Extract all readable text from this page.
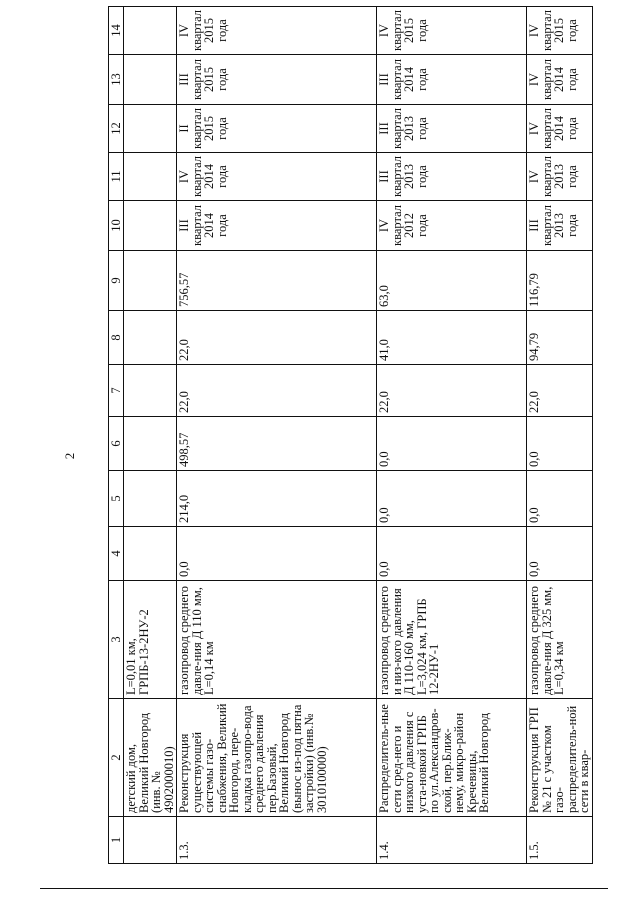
2
1	2	3	4	5	6	7	8	9	10	11	12	13	14
	детский дом, Великий Новгород (инв. № 4902000010)	L=0,01 км, ГРПБ-13-2НУ-2											
1.3.	Реконструкция существующей системы газо-снабжения, Великий Новгород, пере-кладка газопро-вода среднего давления пер.Базовый, Великий Новгород (вынос из-под пятна застройки) (инв.№ 3010100000)	газопровод среднего давле-ния Д 110 мм, L=0,14 км	0,0	214,0	498,57	22,0	22,0	756,57	III квартал 2014 года	IV квартал 2014 года	II квартал 2015 года	III квартал 2015 года	IV квартал 2015 года
1.4.	Распределитель-ные сети сред-него и низкого давления с уста-новкой ГРПБ по ул.Александров-ской, пер.Ближ-нему, микро-район Кречевицы, Великий Новгород	газопровод среднего и низ-кого давления Д 110-160 мм, L=3,024 км, ГРПБ 12-2НУ-1	0,0	0,0	0,0	22,0	41,0	63,0	IV квартал 2012 года	III квартал 2013 года	III квартал 2013 года	III квартал 2014 года	IV квартал 2015 года
1.5.	Реконструкция ГРП № 21 с участком газо-распределитель-ной сети в квар-	газопровод среднего давле-ния Д 325 мм, L=0,34 км	0,0	0,0	0,0	22,0	94,79	116,79	III квартал 2013 года	IV квартал 2013 года	IV квартал 2014 года	IV квартал 2014 года	IV квартал 2015 года
